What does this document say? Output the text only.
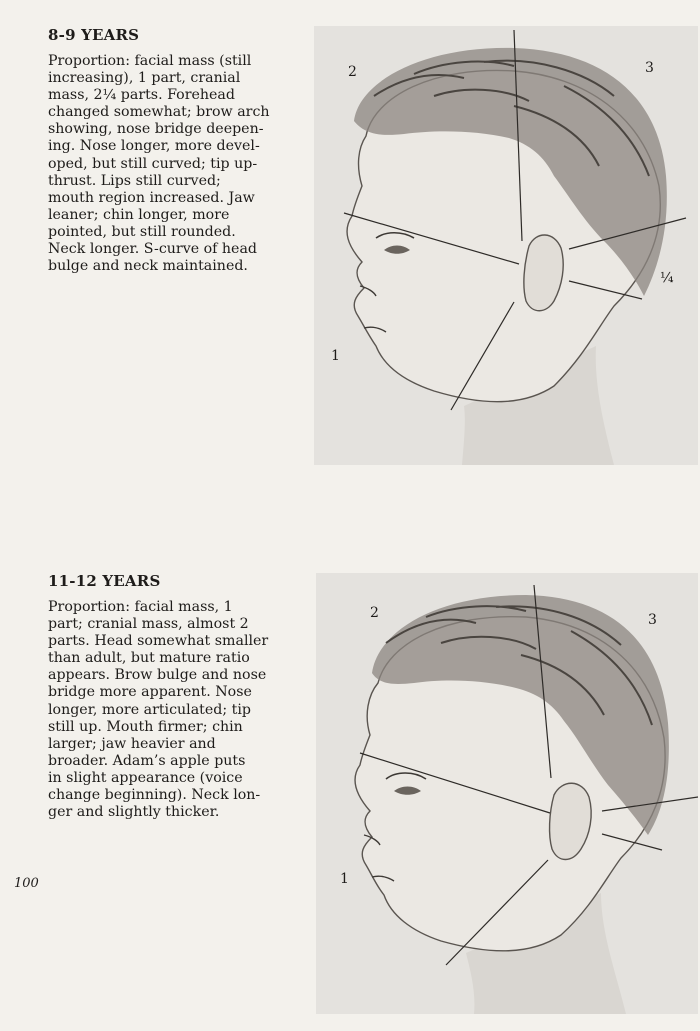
8-9 YEARS

Proportion: facial mass (still
increasing), 1 part, cranial
mass, 2¼ parts. Forehead
changed somewhat; brow arch
showing, nose bridge deepen-
ing. Nose longer, more devel-
oped, but still curved; tip up-
thrust. Lips still curved;
mouth region increased. Jaw
leaner; chin longer, more
pointed, but still rounded.
Neck longer. S-curve of head
bulge and neck maintained.

2	3
¼
1
11-12 YEARS

Proportion: facial mass, 1
part; cranial mass, almost 2
parts. Head somewhat smaller
than adult, but mature ratio
appears. Brow bulge and nose
bridge more apparent. Nose
longer, more articulated; tip
still up. Mouth firmer; chin
larger; jaw heavier and
broader. Adam’s apple puts
in slight appearance (voice
change beginning). Neck lon-
ger and slightly thicker.

2	3
1
100
